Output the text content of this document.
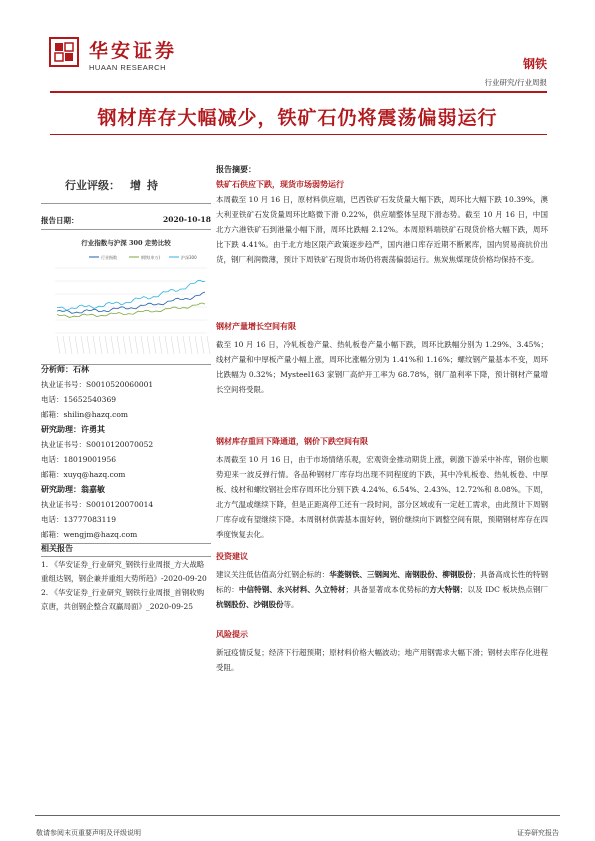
华安证券
HUAAN RESEARCH	钢铁
行业研究/行业周报
钢材库存大幅减少，铁矿石仍将震荡偏弱运行
行业评级： 增持
报告日期：	2020-10-18
行业指数与沪深 300 走势比较
行业指数	钢铁(申万)	沪深300
分析师：石林
执业证书号：S0010520060001
电话：15652540369
邮箱：shilin@hazq.com
研究助理：许勇其
执业证书号：S0010120070052
电话：18019001956
邮箱：xuyq@hazq.com
研究助理：翁嘉敏
执业证书号：S0010120070014
电话：13777083119
邮箱：wengjm@hazq.com
相关报告
1. 《华安证券_行业研究_钢铁行业周报_方大战略重组达钢，钢企兼并重组大势所趋》-2020-09-20
2. 《华安证券_行业研究_钢铁行业周报_首钢收购京唐，共创钢企整合双赢局面》_2020-09-25
报告摘要：
铁矿石供应下跌，现货市场弱势运行
本周截至 10 月 16 日，原材料供应端，巴西铁矿石发货量大幅下跌，周环比大幅下跌 10.39%，澳大利亚铁矿石发货量周环比略微下滑 0.22%，供应端整体呈现下滑态势。截至 10 月 16 日，中国北方六港铁矿石到港量小幅下滑，周环比跌幅 2.12%。本周原料端铁矿石现货价格大幅下跌，周环比下跌 4.41%。由于北方地区限产政策逐步趋严，国内港口库存近期不断累库，国内贸易商抗价出货，钢厂利润微薄，预计下周铁矿石现货市场仍将震荡偏弱运行。焦炭焦煤现货价格均保持不变。
钢材产量增长空间有限
截至 10 月 16 日，冷轧板卷产量、热轧板卷产量小幅下跌，周环比跌幅分别为 1.29%、3.45%；线材产量和中厚板产量小幅上涨，周环比涨幅分别为 1.41%和 1.16%；螺纹钢产量基本不变，周环比跌幅为 0.32%；Mysteel163 家钢厂高炉开工率为 68.78%，钢厂盈利率下降，预计钢材产量增长空间将受限。
钢材库存重回下降通道，钢价下跌空间有限
本周截至 10 月 16 日，由于市场情绪乐观，宏观资金推动期货上涨，刺激下游采中补库，钢价也顺势迎来一波反弹行情。各品种钢材厂库存均出现不同程度的下跌，其中冷轧板卷、热轧板卷、中厚板、线材和螺纹钢社会库存周环比分别下跌 4.24%、6.54%、2.43%、12.72%和 8.08%。下周，北方气温或继续下降，但是正距离停工还有一段时间，部分区域或有一定赶工需求，由此预计下周钢厂库存或有望继续下降。本周钢材供需基本面好转，钢价继续向下调整空间有限，预期钢材库存在四季度恢复去化。
投资建议
建议关注低估值高分红钢企标的：华菱钢铁、三钢闽光、南钢股份、柳钢股份；具备高成长性的特钢标的：中信特钢、永兴材料、久立特材；具备显著成本优势标的方大特钢；以及 IDC 板块热点钢厂杭钢股份、沙钢股份等。
风险提示
新冠疫情反复；经济下行超预期；原材料价格大幅波动；地产用钢需求大幅下滑；钢材去库存化进程受阻。
敬请参阅末页重要声明及评级说明	证券研究报告
